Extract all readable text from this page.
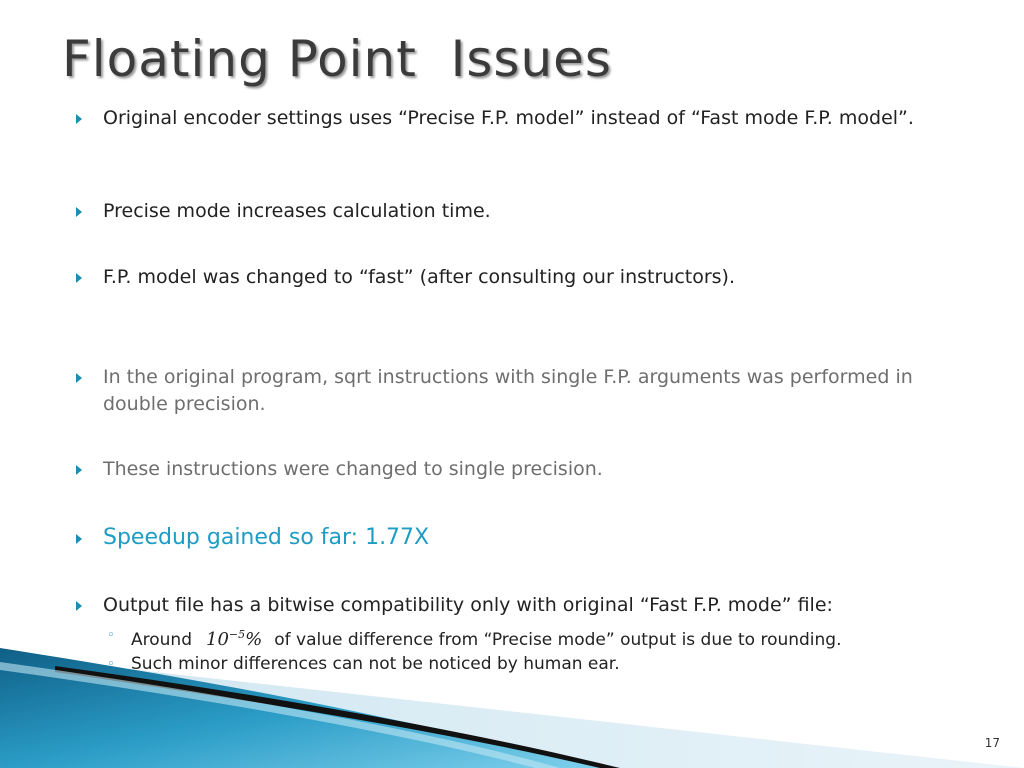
Floating Point  Issues
Original encoder settings uses “Precise F.P. model” instead of “Fast mode F.P. model”.
Precise mode increases calculation time.
F.P. model was changed to “fast” (after consulting our instructors).
In the original program, sqrt instructions with single F.P. arguments was performed in double precision.
These instructions were changed to single precision.
Speedup gained so far: 1.77X
Output file has a bitwise compatibility only with original “Fast F.P. mode” file:
◦ Around $10^{-5}\%$ of value difference from “Precise mode” output is due to rounding.
◦ Such minor differences can not be noticed by human ear.
17
